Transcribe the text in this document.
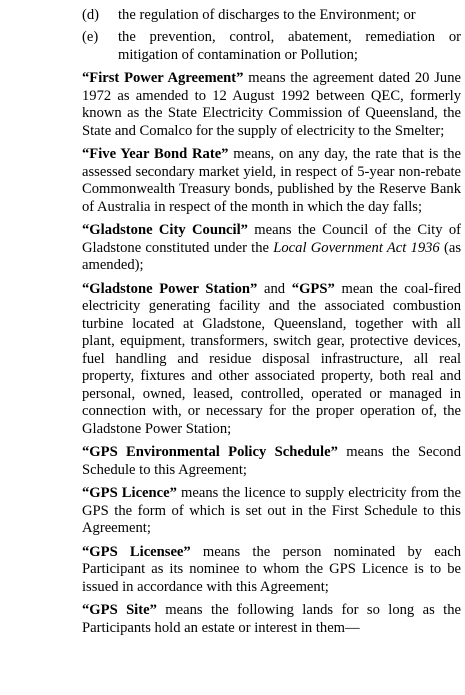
(d)	the regulation of discharges to the Environment; or
(e)	the prevention, control, abatement, remediation or mitigation of contamination or Pollution;

“First Power Agreement” means the agreement dated 20 June 1972 as amended to 12 August 1992 between QEC, formerly known as the State Electricity Commission of Queensland, the State and Comalco for the supply of electricity to the Smelter;

“Five Year Bond Rate” means, on any day, the rate that is the assessed secondary market yield, in respect of 5-year non-rebate Commonwealth Treasury bonds, published by the Reserve Bank of Australia in respect of the month in which the day falls;

“Gladstone City Council” means the Council of the City of Gladstone constituted under the Local Government Act 1936 (as amended);

“Gladstone Power Station” and “GPS” mean the coal-fired electricity generating facility and the associated combustion turbine located at Gladstone, Queensland, together with all plant, equipment, transformers, switch gear, protective devices, fuel handling and residue disposal infrastructure, all real property, fixtures and other associated property, both real and personal, owned, leased, controlled, operated or managed in connection with, or necessary for the proper operation of, the Gladstone Power Station;

“GPS Environmental Policy Schedule” means the Second Schedule to this Agreement;

“GPS Licence” means the licence to supply electricity from the GPS the form of which is set out in the First Schedule to this Agreement;

“GPS Licensee” means the person nominated by each Participant as its nominee to whom the GPS Licence is to be issued in accordance with this Agreement;

“GPS Site” means the following lands for so long as the Participants hold an estate or interest in them—
